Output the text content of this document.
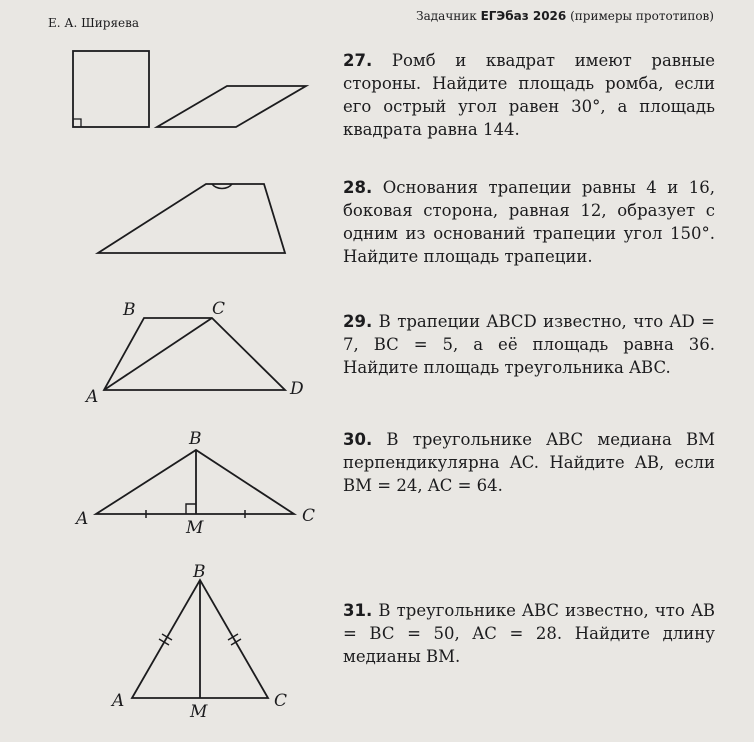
Е. А. Ширяева	Задачник ЕГЭбаз 2026 (примеры прототипов)
27. Ромб и квадрат имеют равные стороны. Найдите площадь ромба, если его острый угол равен 30°, а площадь квадрата равна 144.
28. Основания трапеции равны 4 и 16, боковая сторона, равная 12, образует с одним из оснований трапеции угол 150°. Найдите площадь трапеции.
29. В трапеции ABCD известно, что AD = 7, BC = 5, а её площадь равна 36. Найдите площадь треугольника ABC.
30. В треугольнике ABC медиана BM перпендикулярна AC. Найдите AB, если BM = 24, AC = 64.
31. В треугольнике ABC известно, что AB = BC = 50, AC = 28. Найдите длину медианы BM.
B	C
A	D
B
A	M
C
B
A
M
C
